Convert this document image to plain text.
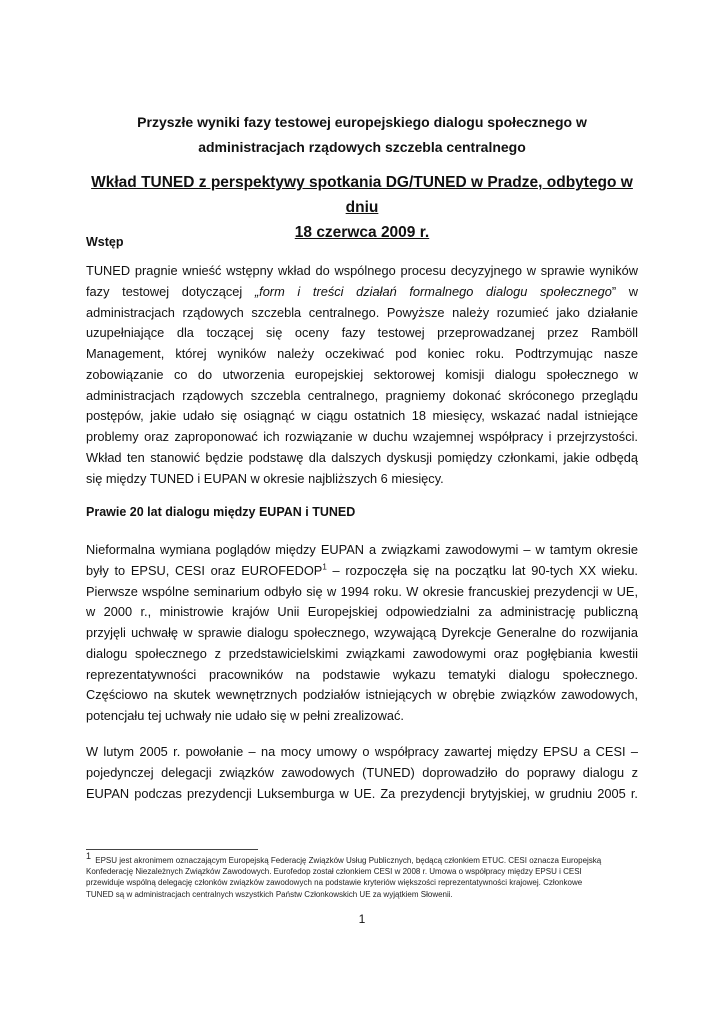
Przyszłe wyniki fazy testowej europejskiego dialogu społecznego w
administracjach rządowych szczebla centralnego
Wkład TUNED z perspektywy spotkania DG/TUNED w Pradze, odbytego w dniu
18 czerwca 2009 r.
Wstęp
TUNED pragnie wnieść wstępny wkład do wspólnego procesu decyzyjnego w sprawie wyników
fazy testowej dotyczącej „form i treści działań formalnego dialogu społecznego” w
administracjach rządowych szczebla centralnego. Powyższe należy rozumieć jako działanie
uzupełniające dla toczącej się oceny fazy testowej przeprowadzanej przez Ramböll
Management, której wyników należy oczekiwać pod koniec roku. Podtrzymując nasze
zobowiązanie co do utworzenia europejskiej sektorowej komisji dialogu społecznego w
administracjach rządowych szczebla centralnego, pragniemy dokonać skróconego przeglądu
postępów, jakie udało się osiągnąć w ciągu ostatnich 18 miesięcy, wskazać nadal istniejące
problemy oraz zaproponować ich rozwiązanie w duchu wzajemnej współpracy i przejrzystości.
Wkład ten stanowić będzie podstawę dla dalszych dyskusji pomiędzy członkami, jakie odbędą
się między TUNED i EUPAN w okresie najbliższych 6 miesięcy.
Prawie 20 lat dialogu między EUPAN i TUNED
Nieformalna wymiana poglądów między EUPAN a związkami zawodowymi – w tamtym okresie
były to EPSU, CESI oraz EUROFEDOP$^1$ – rozpoczęła się na początku lat 90-tych XX wieku.
Pierwsze wspólne seminarium odbyło się w 1994 roku. W okresie francuskiej prezydencji w UE,
w 2000 r., ministrowie krajów Unii Europejskiej odpowiedzialni za administrację publiczną
przyjęli uchwałę w sprawie dialogu społecznego, wzywającą Dyrekcje Generalne do rozwijania
dialogu społecznego z przedstawicielskimi związkami zawodowymi oraz pogłębiania kwestii
reprezentatywności pracowników na podstawie wykazu tematyki dialogu społecznego.
Częściowo na skutek wewnętrznych podziałów istniejących w obrębie związków zawodowych,
potencjału tej uchwały nie udało się w pełni zrealizować.
W lutym 2005 r. powołanie – na mocy umowy o współpracy zawartej między EPSU a CESI –
pojedynczej delegacji związków zawodowych (TUNED) doprowadziło do poprawy dialogu z
EUPAN podczas prezydencji Luksemburga w UE. Za prezydencji brytyjskiej, w grudniu 2005 r.
$^1$ EPSU jest akronimem oznaczającym Europejską Federację Związków Usług Publicznych, będącą członkiem ETUC. CESI oznacza Europejską
Konfederację Niezależnych Związków Zawodowych. Eurofedop został członkiem CESI w 2008 r. Umowa o współpracy między EPSU i CESI
przewiduje wspólną delegację członków związków zawodowych na podstawie kryteriów większości reprezentatywności krajowej. Członkowe
TUNED są w administracjach centralnych wszystkich Państw Członkowskich UE za wyjątkiem Słowenii.
1
